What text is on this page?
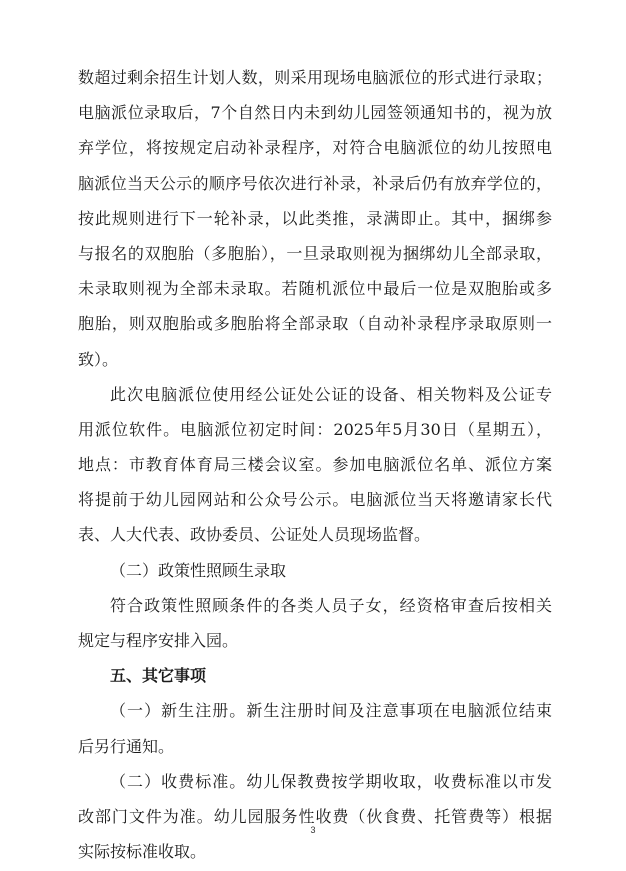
数超过剩余招生计划人数，则采用现场电脑派位的形式进行录取；
电脑派位录取后，7个自然日内未到幼儿园签领通知书的，视为放
弃学位，将按规定启动补录程序，对符合电脑派位的幼儿按照电
脑派位当天公示的顺序号依次进行补录，补录后仍有放弃学位的，
按此规则进行下一轮补录，以此类推，录满即止。其中，捆绑参
与报名的双胞胎（多胞胎），一旦录取则视为捆绑幼儿全部录取，
未录取则视为全部未录取。若随机派位中最后一位是双胞胎或多
胞胎，则双胞胎或多胞胎将全部录取（自动补录程序录取原则一
致）。
此次电脑派位使用经公证处公证的设备、相关物料及公证专
用派位软件。电脑派位初定时间：2025年5月30日（星期五），
地点：市教育体育局三楼会议室。参加电脑派位名单、派位方案
将提前于幼儿园网站和公众号公示。电脑派位当天将邀请家长代
表、人大代表、政协委员、公证处人员现场监督。
（二）政策性照顾生录取
符合政策性照顾条件的各类人员子女，经资格审查后按相关
规定与程序安排入园。
五、其它事项
（一）新生注册。新生注册时间及注意事项在电脑派位结束
后另行通知。
（二）收费标准。幼儿保教费按学期收取，收费标准以市发
改部门文件为准。幼儿园服务性收费（伙食费、托管费等）根据
实际按标准收取。
3
